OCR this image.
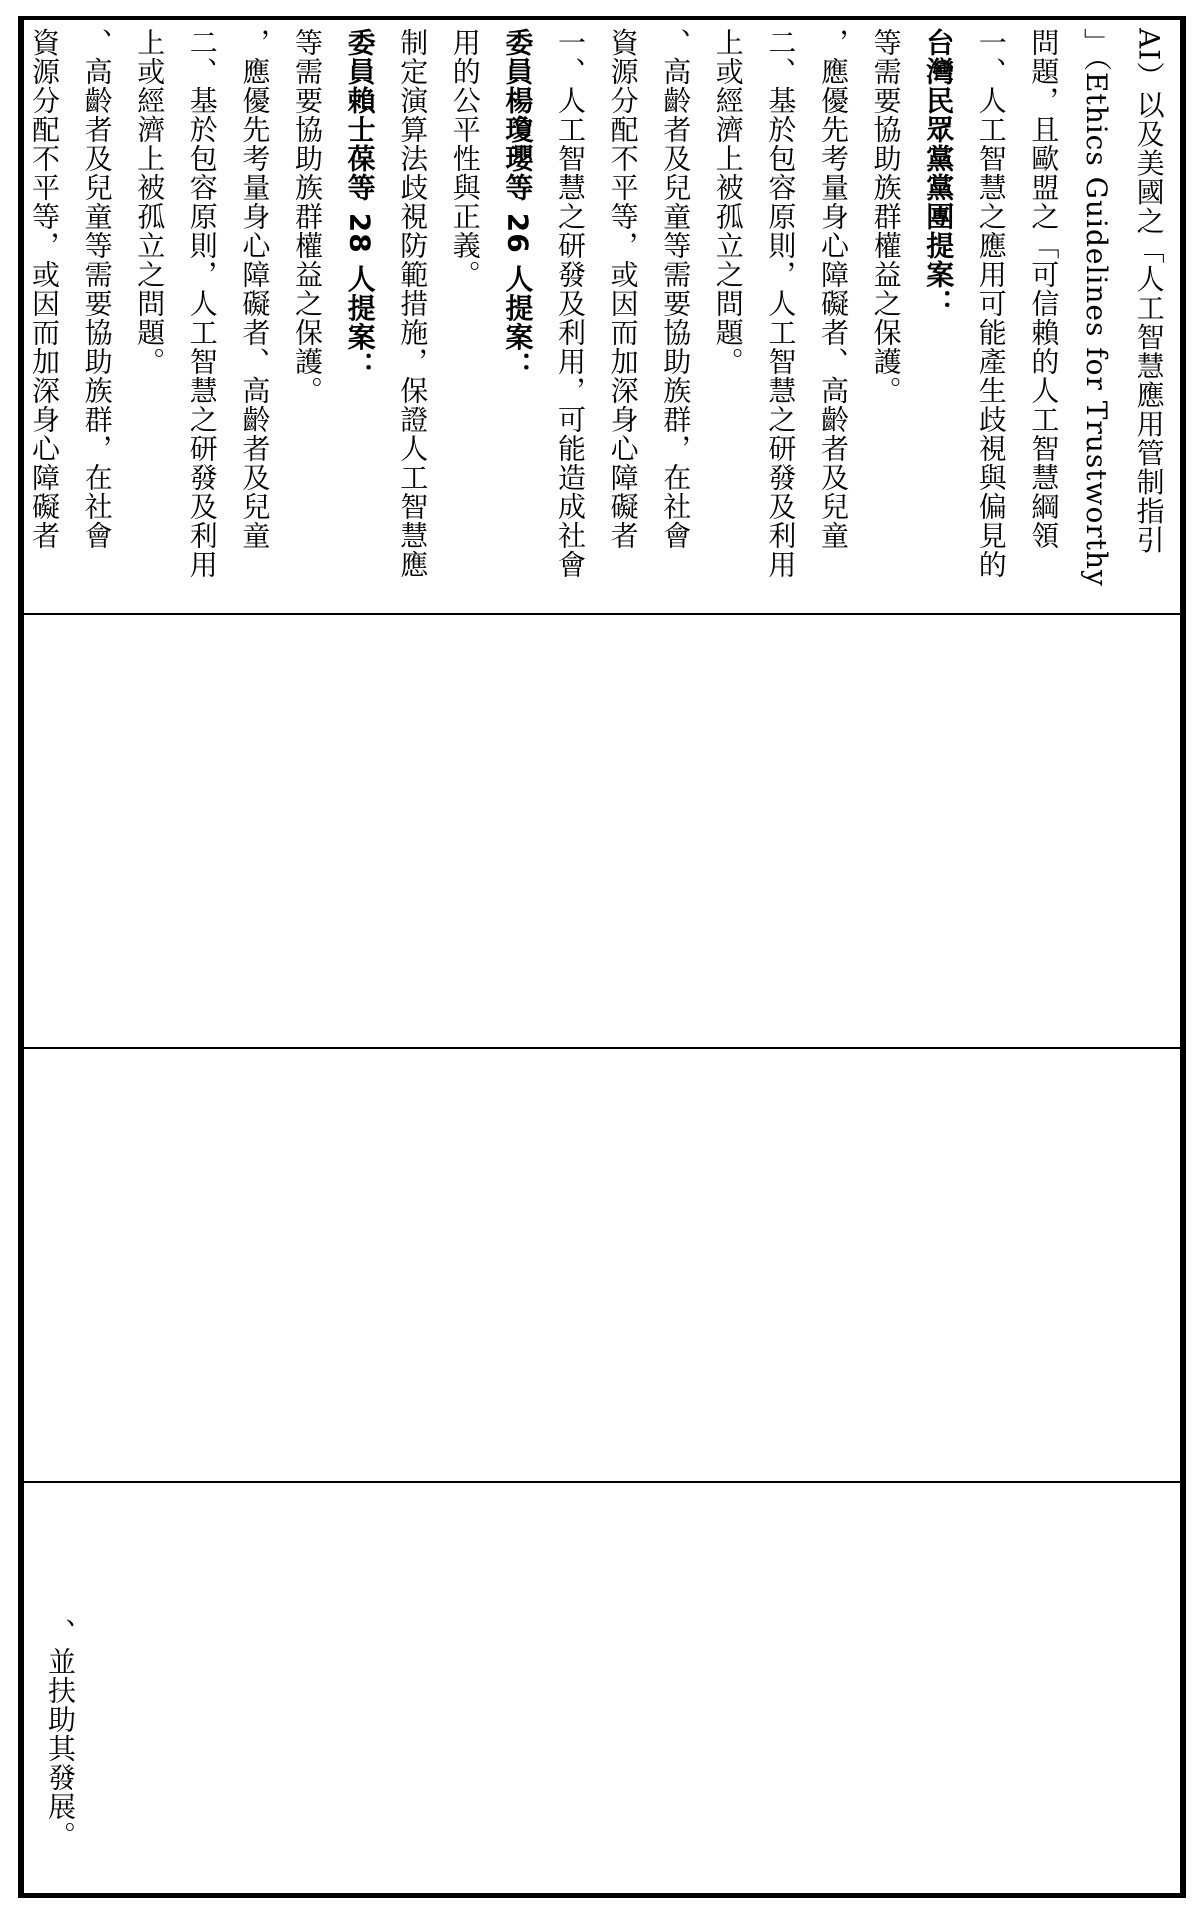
資源分配不平等，或因而加深身心障礙者 、高齡者及兒童等需要協助族群，在社會 上或經濟上被孤立之問題。 二、基於包容原則，人工智慧之研發及利用 ，應優先考量身心障礙者、高齡者及兒童 等需要協助族群權益之保護。 委員賴士葆等 28 人提案： 制定演算法歧視防範措施，保證人工智慧應 用的公平性與正義。 委員楊瓊瓔等 26 人提案： 一、人工智慧之研發及利用，可能造成社會 資源分配不平等，或因而加深身心障礙者 、高齡者及兒童等需要協助族群，在社會 上或經濟上被孤立之問題。 二、基於包容原則，人工智慧之研發及利用 ，應優先考量身心障礙者、高齡者及兒童 等需要協助族群權益之保護。 台灣民眾黨黨團提案： 一、人工智慧之應用可能產生歧視與偏見的 問題，且歐盟之「可信賴的人工智慧綱領 」（Ethics Guidelines for Trustworthy AI）以及美國之「人工智慧應用管制指引
、並扶助其發展。
